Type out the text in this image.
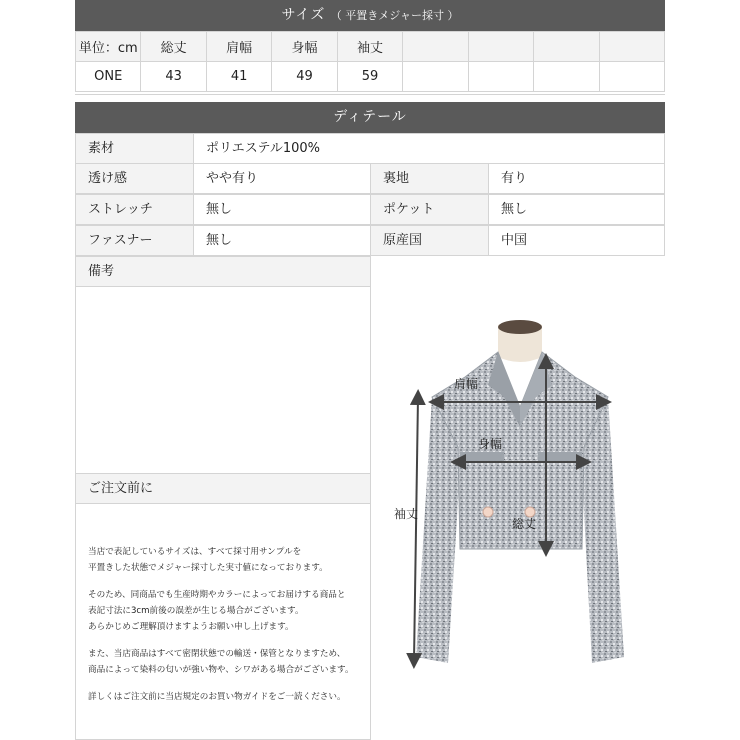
サイズ （ 平置きメジャー採寸 ）
単位：cm	総丈	肩幅	身幅	袖丈				
ONE	43	41	49	59				
ディテール
素材	ポリエステル100%
透け感	やや有り	裏地	有り
ストレッチ	無し	ポケット	無し
ファスナー	無し	原産国	中国
備考
ご注文前に

当店で表記しているサイズは、すべて採寸用サンプルを
平置きした状態でメジャー採寸した実寸値になっております。

そのため、同商品でも生産時期やカラーによってお届けする商品と
表記寸法に3cm前後の誤差が生じる場合がございます。
あらかじめご理解頂けますようお願い申し上げます。

また、当店商品はすべて密閉状態での輸送・保管となりますため、
商品によって染料の匂いが強い物や、シワがある場合がございます。

詳しくはご注文前に当店規定のお買い物ガイドをご一読ください。

肩幅
身幅
袖丈
総丈
